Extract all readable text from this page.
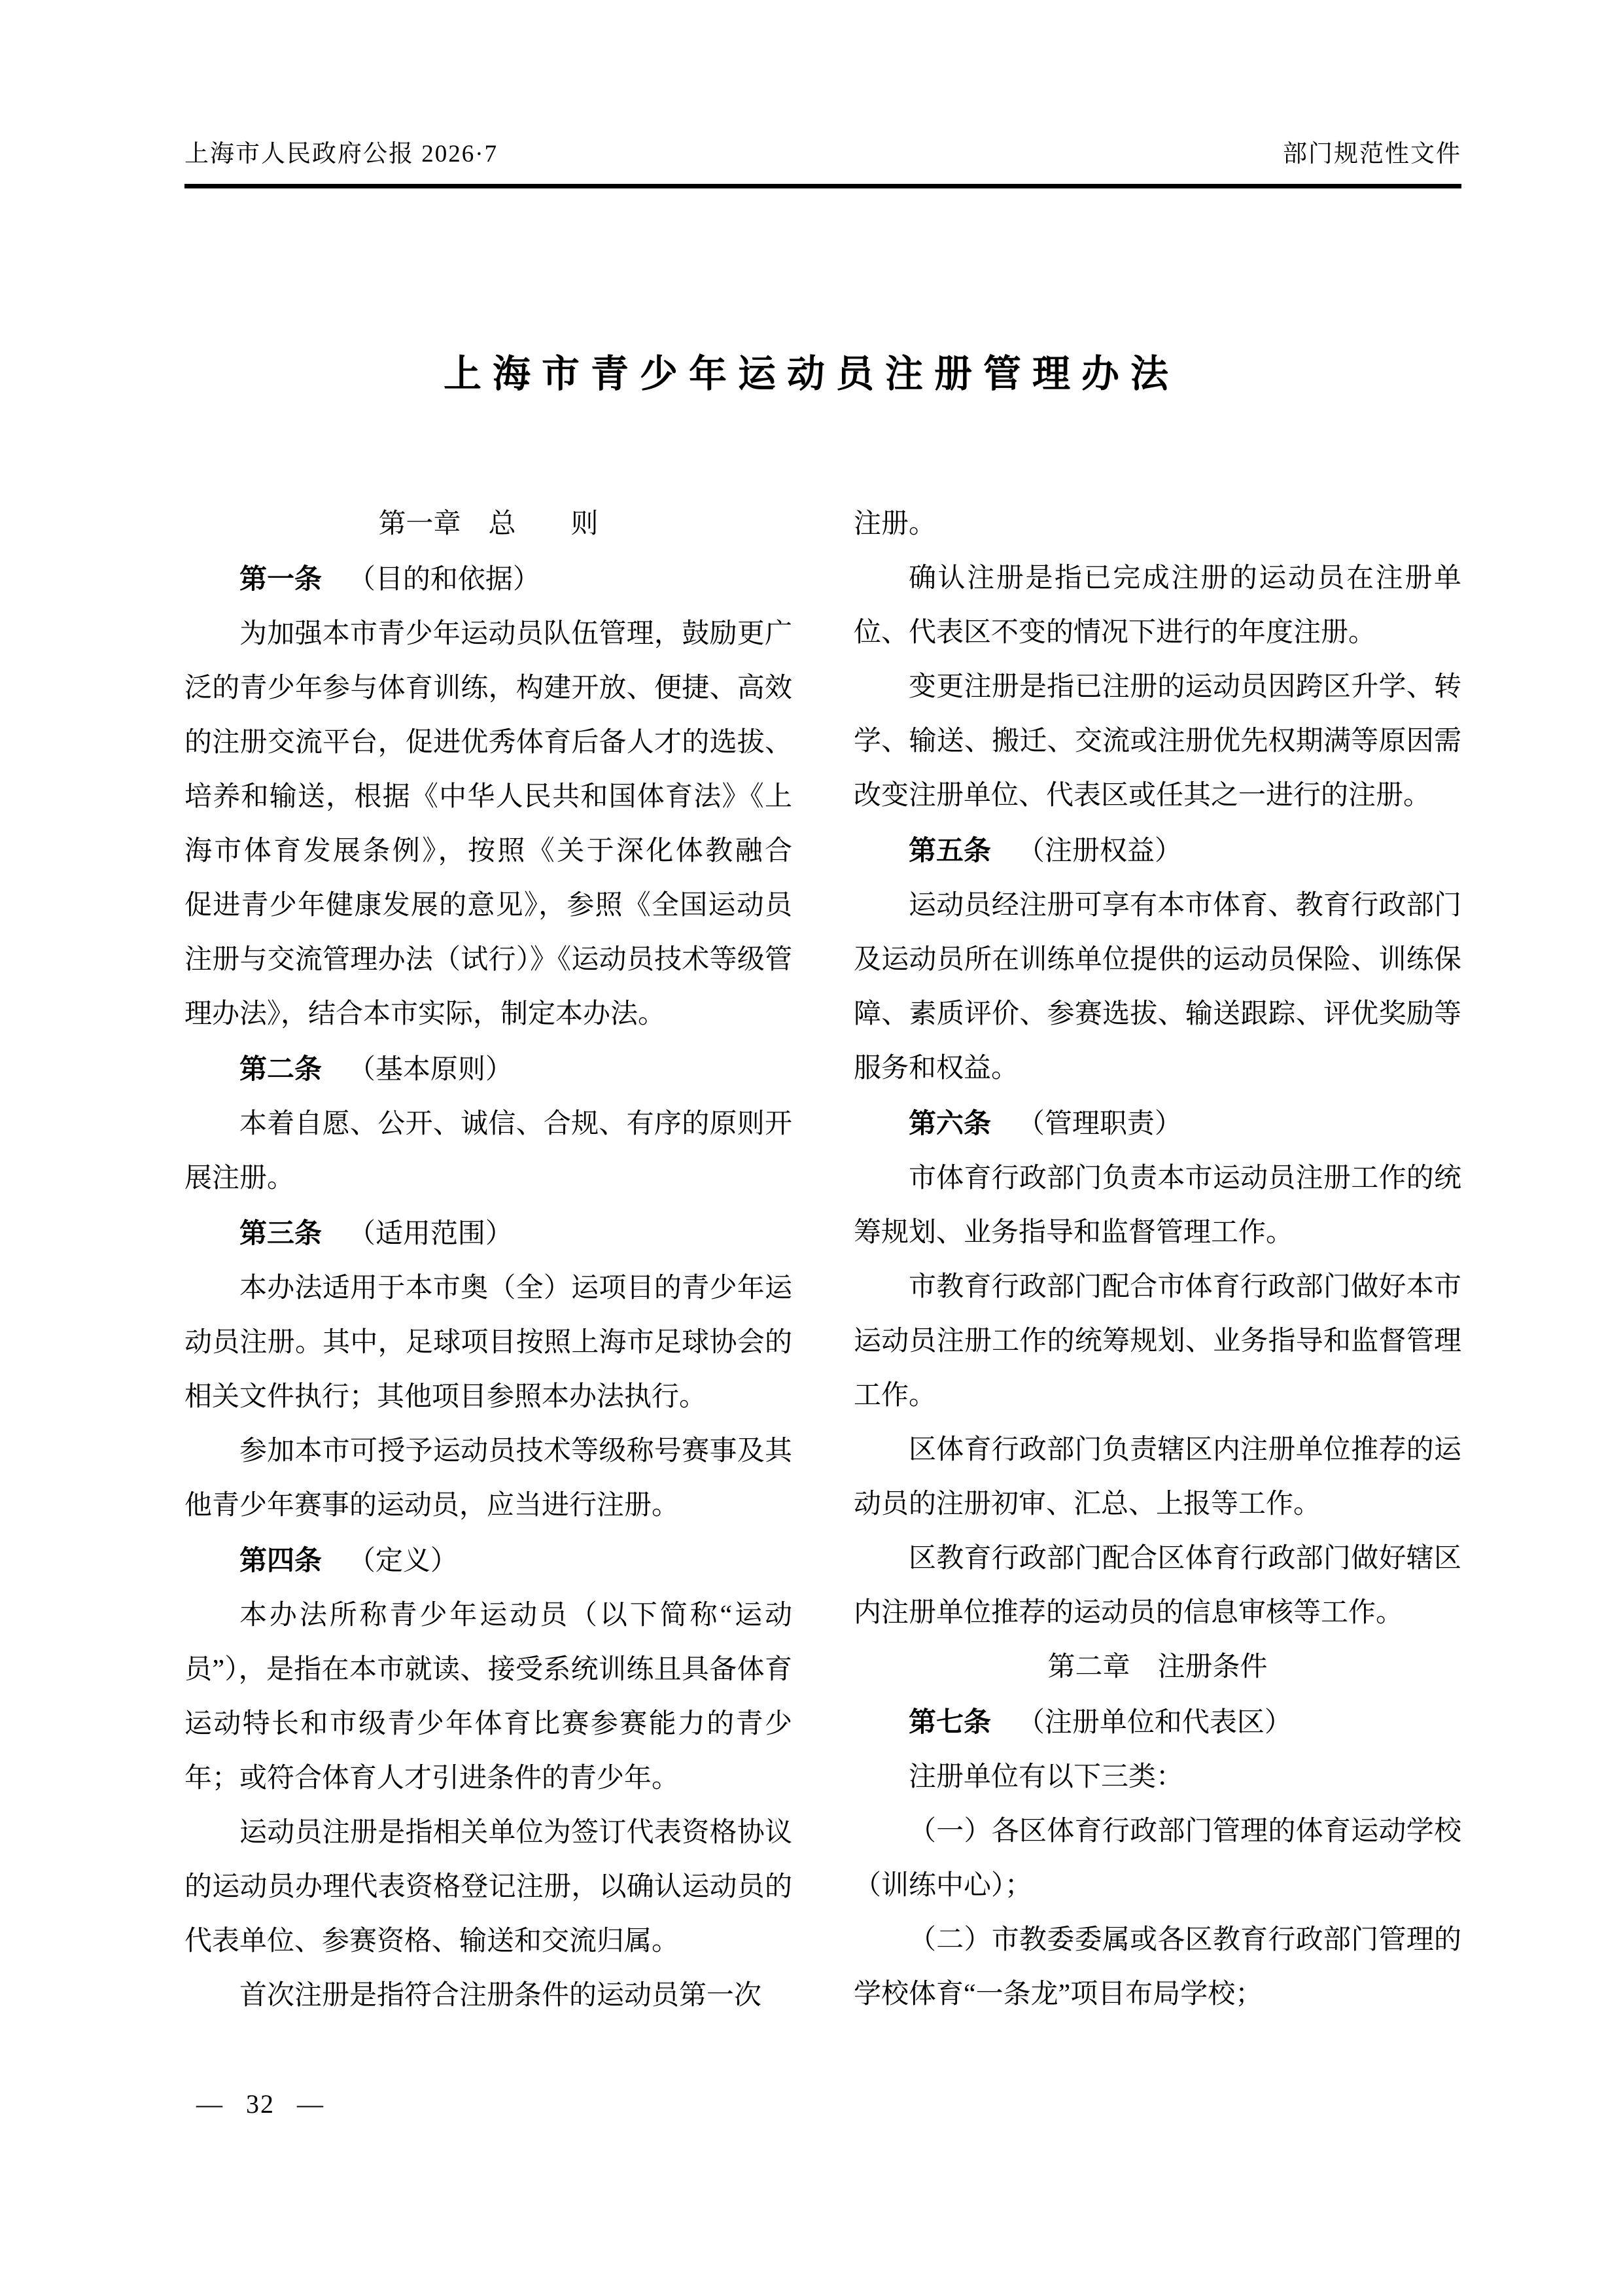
上海市人民政府公报 2026·7	部门规范性文件
上海市青少年运动员注册管理办法

第一章　总　　则

第一条 （目的和依据）

为加强本市青少年运动员队伍管理，鼓励更广泛的青少年参与体育训练，构建开放、便捷、高效的注册交流平台，促进优秀体育后备人才的选拔、培养和输送，根据《中华人民共和国体育法》《上海市体育发展条例》，按照《关于深化体教融合　促进青少年健康发展的意见》，参照《全国运动员注册与交流管理办法（试行）》《运动员技术等级管理办法》，结合本市实际，制定本办法。

第二条 （基本原则）

本着自愿、公开、诚信、合规、有序的原则开展注册。

第三条 （适用范围）

本办法适用于本市奥（全）运项目的青少年运动员注册。其中，足球项目按照上海市足球协会的相关文件执行；其他项目参照本办法执行。

参加本市可授予运动员技术等级称号赛事及其他青少年赛事的运动员，应当进行注册。

第四条 （定义）

本办法所称青少年运动员（以下简称“运动员”），是指在本市就读、接受系统训练且具备体育运动特长和市级青少年体育比赛参赛能力的青少年；或符合体育人才引进条件的青少年。

运动员注册是指相关单位为签订代表资格协议的运动员办理代表资格登记注册，以确认运动员的代表单位、参赛资格、输送和交流归属。

首次注册是指符合注册条件的运动员第一次

注册。

确认注册是指已完成注册的运动员在注册单位、代表区不变的情况下进行的年度注册。

变更注册是指已注册的运动员因跨区升学、转学、输送、搬迁、交流或注册优先权期满等原因需改变注册单位、代表区或任其之一进行的注册。

第五条 （注册权益）

运动员经注册可享有本市体育、教育行政部门及运动员所在训练单位提供的运动员保险、训练保障、素质评价、参赛选拔、输送跟踪、评优奖励等服务和权益。

第六条 （管理职责）

市体育行政部门负责本市运动员注册工作的统筹规划、业务指导和监督管理工作。

市教育行政部门配合市体育行政部门做好本市运动员注册工作的统筹规划、业务指导和监督管理工作。

区体育行政部门负责辖区内注册单位推荐的运动员的注册初审、汇总、上报等工作。

区教育行政部门配合区体育行政部门做好辖区内注册单位推荐的运动员的信息审核等工作。

第二章　注册条件

第七条 （注册单位和代表区）

注册单位有以下三类：

（一）各区体育行政部门管理的体育运动学校（训练中心）；

（二）市教委委属或各区教育行政部门管理的学校体育“一条龙”项目布局学校；

— 32 —
